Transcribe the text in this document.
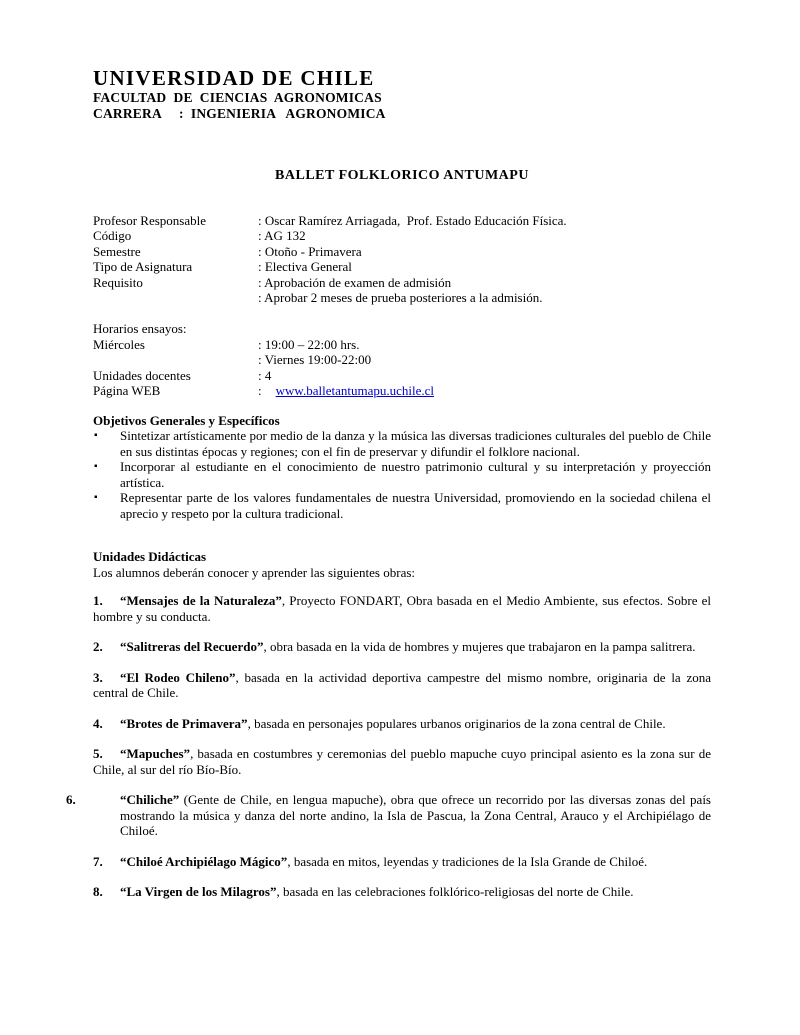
UNIVERSIDAD DE CHILE
FACULTAD  DE  CIENCIAS  AGRONOMICAS
CARRERA     :  INGENIERIA   AGRONOMICA
BALLET FOLKLORICO ANTUMAPU
Profesor Responsable	: Oscar Ramírez Arriagada,  Prof. Estado Educación Física.
Código	: AG 132
Semestre	: Otoño - Primavera
Tipo de Asignatura	: Electiva General
Requisito	: Aprobación de examen de admisión
: Aprobar 2 meses de prueba posteriores a la admisión.
Horarios ensayos:
Miércoles	: 19:00 – 22:00 hrs.
: Viernes 19:00-22:00
Unidades docentes	: 4
Página WEB	: www.balletantumapu.uchile.cl
Objetivos Generales y Específicos
▪	Sintetizar artísticamente por medio de la danza y la música las diversas tradiciones culturales del pueblo de Chile en sus distintas épocas y regiones; con el fin de preservar y difundir el folklore nacional.
▪	Incorporar al estudiante en el conocimiento de nuestro patrimonio cultural y su interpretación y proyección artística.
▪	Representar parte de los valores fundamentales de nuestra Universidad, promoviendo en la sociedad chilena el aprecio y respeto por la cultura tradicional.
Unidades Didácticas
Los alumnos deberán conocer y aprender las siguientes obras:
1. “Mensajes de la Naturaleza”, Proyecto FONDART, Obra basada en el Medio Ambiente, sus efectos. Sobre el hombre y su conducta.
2. “Salitreras del Recuerdo”, obra basada en la vida de hombres y mujeres que trabajaron en la pampa salitrera.
3. “El Rodeo Chileno”, basada en la actividad deportiva campestre del mismo nombre, originaria de la zona central de Chile.
4. “Brotes de Primavera”, basada en personajes populares urbanos originarios de la zona central de Chile.
5. “Mapuches”, basada en costumbres y ceremonias del pueblo mapuche cuyo principal asiento es la zona sur de Chile, al sur del río Bío-Bío.
6.	“Chiliche” (Gente de Chile, en lengua mapuche), obra que ofrece un recorrido por las diversas zonas del país mostrando la música y danza del norte andino, la Isla de Pascua, la Zona Central, Arauco y el Archipiélago de Chiloé.
7. “Chiloé Archipiélago Mágico”, basada en mitos, leyendas y tradiciones de la Isla Grande de Chiloé.
8. “La Virgen de los Milagros”, basada en las celebraciones folklórico-religiosas del norte de Chile.
